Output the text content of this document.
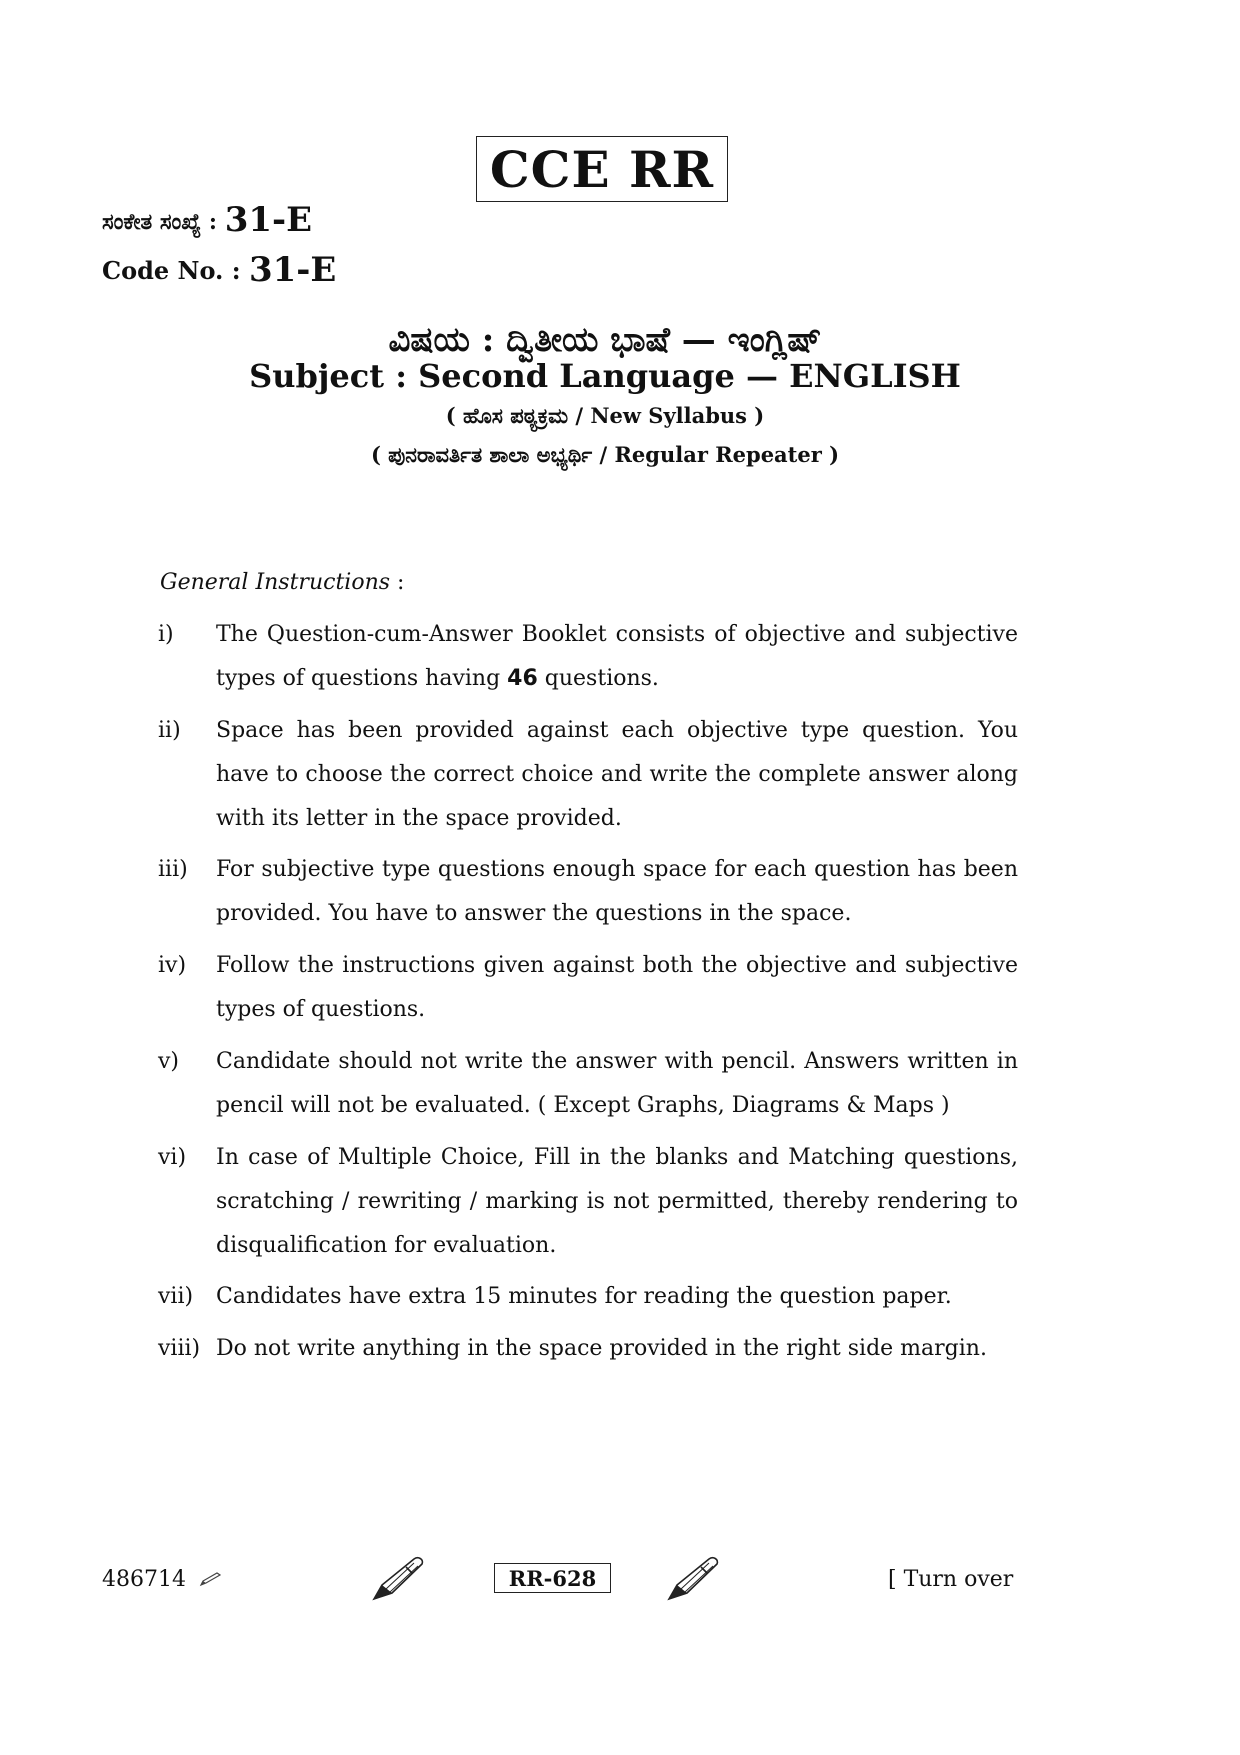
CCE RR
ಸಂಕೇತ ಸಂಖ್ಯೆ : 31-E
Code No. : 31-E
ವಿಷಯ : ದ್ವಿತೀಯ ಭಾಷೆ — ಇಂಗ್ಲಿಷ್
Subject : Second Language — ENGLISH
( ಹೊಸ ಪಠ್ಯಕ್ರಮ / New Syllabus )
( ಪುನರಾವರ್ತಿತ ಶಾಲಾ ಅಭ್ಯರ್ಥಿ / Regular Repeater )
General Instructions :
i) The Question-cum-Answer Booklet consists of objective and subjective types of questions having 46 questions.
ii) Space has been provided against each objective type question. You have to choose the correct choice and write the complete answer along with its letter in the space provided.
iii) For subjective type questions enough space for each question has been provided. You have to answer the questions in the space.
iv) Follow the instructions given against both the objective and subjective types of questions.
v) Candidate should not write the answer with pencil. Answers written in pencil will not be evaluated. ( Except Graphs, Diagrams & Maps )
vi) In case of Multiple Choice, Fill in the blanks and Matching questions, scratching / rewriting / marking is not permitted, thereby rendering to disqualification for evaluation.
vii) Candidates have extra 15 minutes for reading the question paper.
viii) Do not write anything in the space provided in the right side margin.
486714	RR-628	[ Turn over
